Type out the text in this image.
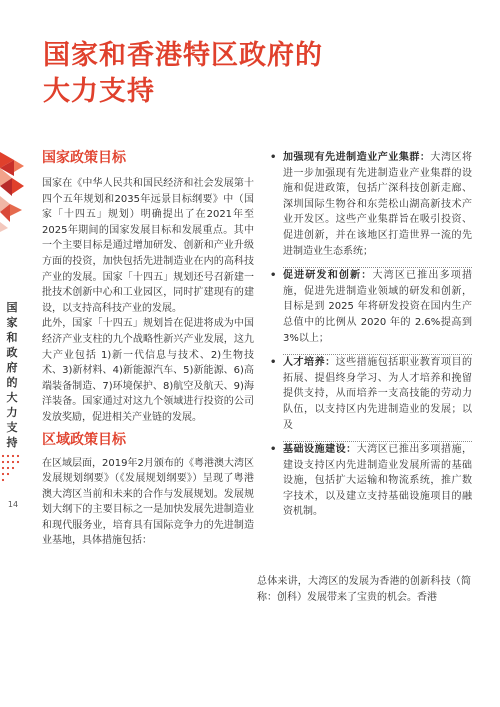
国家和香港特区政府的
大力支持
国家和政府的大力支持
14
国家政策目标

国家在《中华人民共和国民经济和社会发展第十四个五年规划和2035年远景目标纲要》中（国家「十四五」规划）明确提出了在2021年至2025年期间的国家发展目标和发展重点。其中一个主要目标是通过增加研发、创新和产业升级方面的投资，加快包括先进制造业在内的高科技产业的发展。国家「十四五」规划还号召新建一批技术创新中心和工业园区，同时扩建现有的建设，以支持高科技产业的发展。

此外，国家「十四五」规划旨在促进将成为中国经济产业支柱的九个战略性新兴产业发展，这九大产业包括 1)新一代信息与技术、2)生物技术、3)新材料、4)新能源汽车、5)新能源、6)高端装备制造、7)环境保护、8)航空及航天、9)海洋装备。国家通过对这九个领域进行投资的公司发放奖励，促进相关产业链的发展。

区域政策目标

在区域层面，2019年2月颁布的《粤港澳大湾区发展规划纲要》（《发展规划纲要》）呈现了粤港澳大湾区当前和未来的合作与发展规划。发展规划大纲下的主要目标之一是加快发展先进制造业和现代服务业，培育具有国际竞争力的先进制造业基地，具体措施包括：

• 加强现有先进制造业产业集群：大湾区将进一步加强现有先进制造业产业集群的设施和促进政策，包括广深科技创新走廊、深圳国际生物谷和东莞松山湖高新技术产业开发区。这些产业集群旨在吸引投资、促进创新，并在该地区打造世界一流的先进制造业生态系统；
• 促进研发和创新：大湾区已推出多项措施，促进先进制造业领域的研发和创新，目标是到 2025 年将研发投资在国内生产总值中的比例从 2020 年的 2.6%提高到 3%以上；
• 人才培养：这些措施包括职业教育项目的拓展、提倡终身学习、为人才培养和挽留提供支持，从而培养一支高技能的劳动力队伍，以支持区内先进制造业的发展；以及
• 基础设施建设：大湾区已推出多项措施，建设支持区内先进制造业发展所需的基础设施，包括扩大运输和物流系统，推广数字技术，以及建立支持基础设施项目的融资机制。
总体来讲，大湾区的发展为香港的创新科技（简称：创科）发展带来了宝贵的机会。香港
